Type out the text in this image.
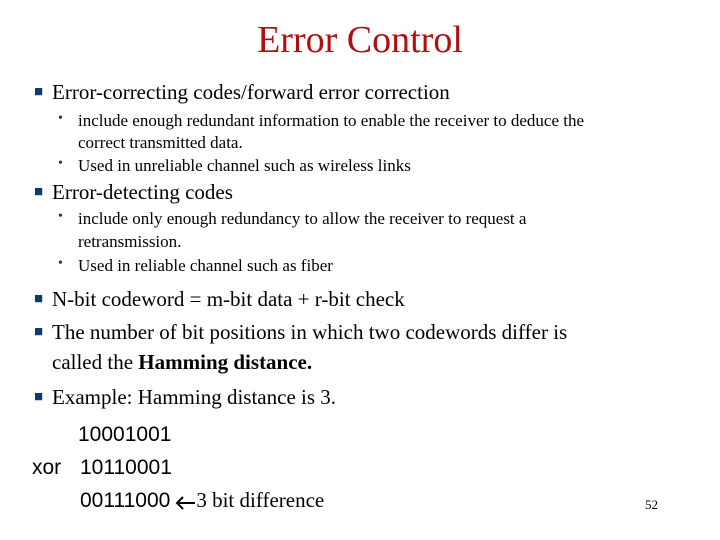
Error Control
■ Error-correcting codes/forward error correction
• include enough redundant information to enable the receiver to deduce the
correct transmitted data.
• Used in unreliable channel such as wireless links
■ Error-detecting codes
• include only enough redundancy to allow the receiver to request a
retransmission.
• Used in reliable channel such as fiber
■ N-bit codeword = m-bit data + r-bit check
■ The number of bit positions in which two codewords differ is
called the Hamming distance.
■ Example: Hamming distance is 3.
10001001
xor 10110001
00111000 3 bit difference	52
